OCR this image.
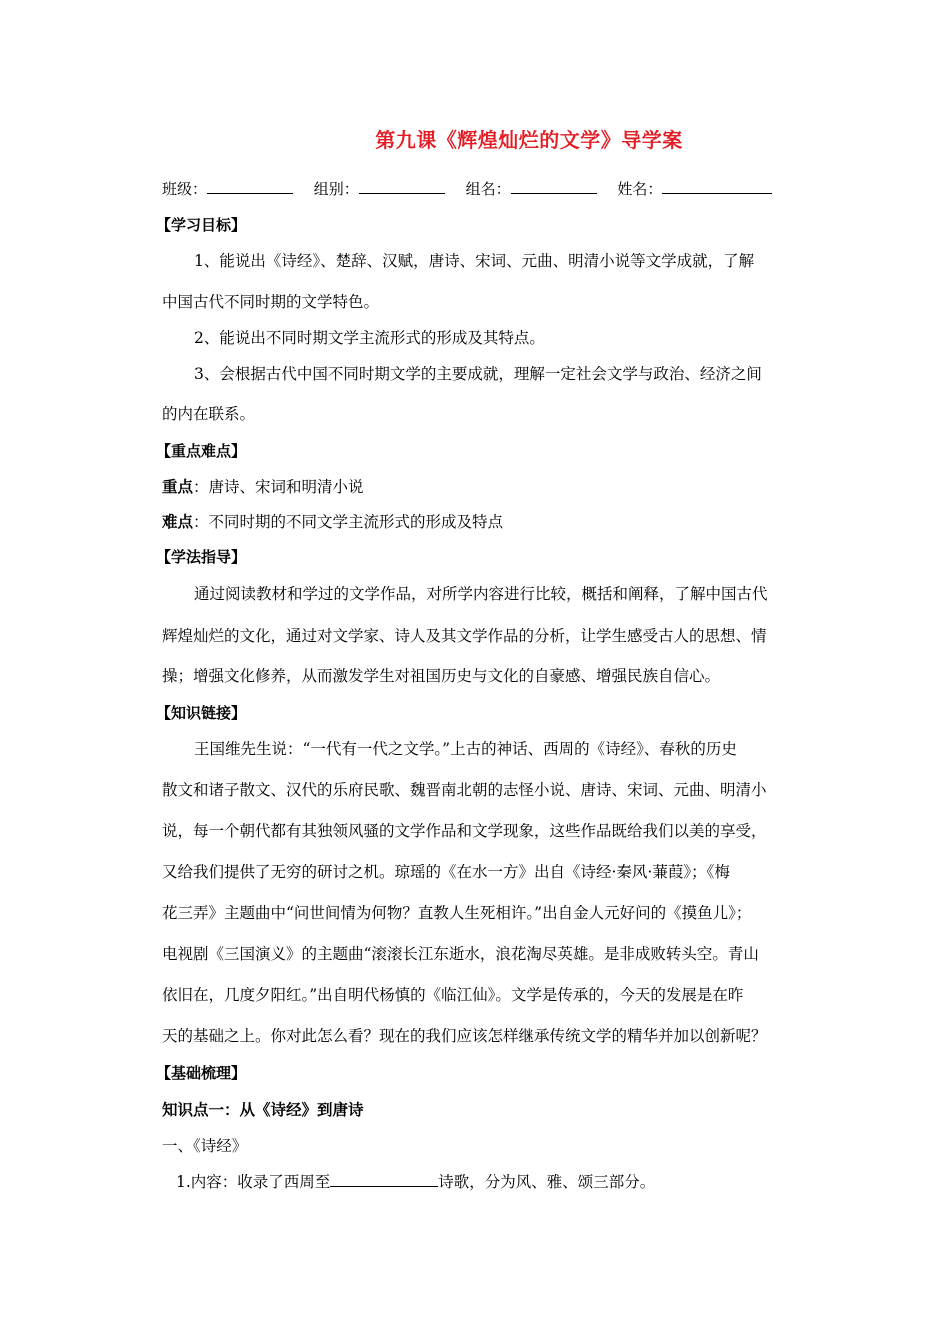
第九课《辉煌灿烂的文学》导学案
班级：	组别：	组名：	姓名：
【学习目标】
1、能说出《诗经》、楚辞、汉赋，唐诗、宋词、元曲、明清小说等文学成就，了解
中国古代不同时期的文学特色。
2、能说出不同时期文学主流形式的形成及其特点。
3、会根据古代中国不同时期文学的主要成就，理解一定社会文学与政治、经济之间
的内在联系。
【重点难点】
重点：唐诗、宋词和明清小说
难点：不同时期的不同文学主流形式的形成及特点
【学法指导】
通过阅读教材和学过的文学作品，对所学内容进行比较，概括和阐释，了解中国古代
辉煌灿烂的文化，通过对文学家、诗人及其文学作品的分析，让学生感受古人的思想、情
操；增强文化修养，从而激发学生对祖国历史与文化的自豪感、增强民族自信心。
【知识链接】
王国维先生说：“一代有一代之文学。”上古的神话、西周的《诗经》、春秋的历史
散文和诸子散文、汉代的乐府民歌、魏晋南北朝的志怪小说、唐诗、宋词、元曲、明清小
说，每一个朝代都有其独领风骚的文学作品和文学现象，这些作品既给我们以美的享受，
又给我们提供了无穷的研讨之机。琼瑶的《在水一方》出自《诗经·秦风·蒹葭》；《梅
花三弄》主题曲中“问世间情为何物？直教人生死相许。”出自金人元好问的《摸鱼儿》；
电视剧《三国演义》的主题曲“滚滚长江东逝水，浪花淘尽英雄。是非成败转头空。青山
依旧在，几度夕阳红。”出自明代杨慎的《临江仙》。文学是传承的，今天的发展是在昨
天的基础之上。你对此怎么看？现在的我们应该怎样继承传统文学的精华并加以创新呢？
【基础梳理】
知识点一：从《诗经》到唐诗
一、《诗经》
1.内容：收录了西周至	诗歌，分为风、雅、颂三部分。
